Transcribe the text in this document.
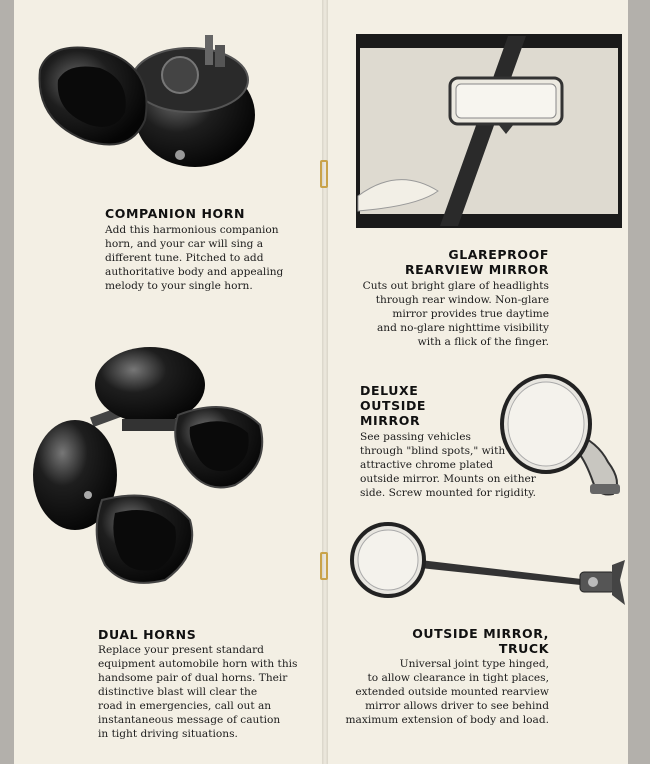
COMPANION HORN

Add this harmonious companion
horn, and your car will sing a
different tune. Pitched to add
authoritative body and appealing
melody to your single horn.

DUAL HORNS

Replace your present standard
equipment automobile horn with this
handsome pair of dual horns. Their
distinctive blast will clear the
road in emergencies, call out an
instantaneous message of caution
in tight driving situations.

GLAREPROOF
REARVIEW MIRROR

Cuts out bright glare of headlights
through rear window. Non-glare
mirror provides true daytime
and no-glare nighttime visibility
with a flick of the finger.

DELUXE
OUTSIDE
MIRROR

See passing vehicles
through "blind spots," with
attractive chrome plated
outside mirror. Mounts on either
side. Screw mounted for rigidity.

OUTSIDE MIRROR,
TRUCK

Universal joint type hinged,
to allow clearance in tight places,
extended outside mounted rearview
mirror allows driver to see behind
maximum extension of body and load.
